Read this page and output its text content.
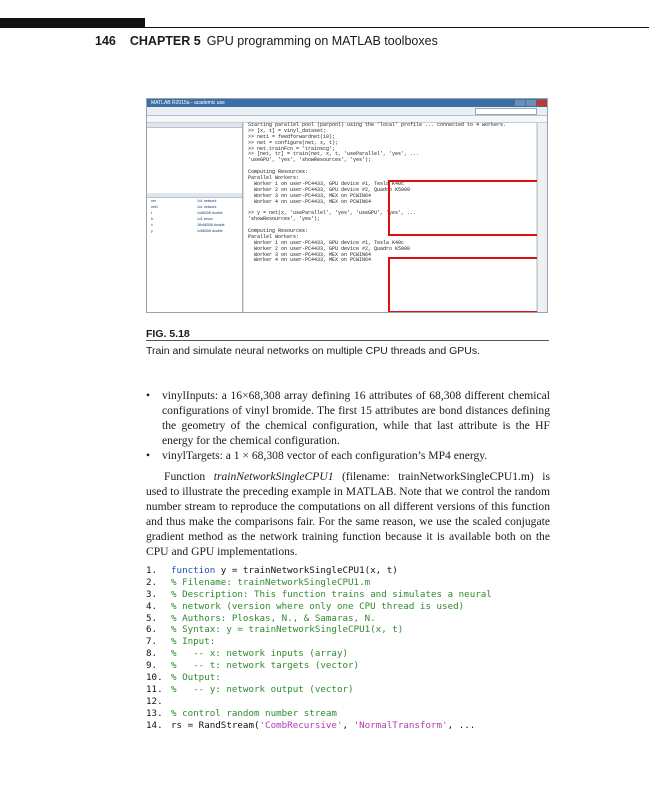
146 CHAPTER 5 GPU programming on MATLAB toolboxes
MATLAB R2015a - academic use

net	1x1 network
net1	1x1 network
t	1x68308 double
tr	1x1 struct
x	16x68308 double
y	1x68308 double
Starting parallel pool (parpool) using the 'local' profile ... connected to 4 workers.
>> [x, t] = vinyl_dataset;
>> net1 = feedforwardnet(10);
>> net = configure(net, x, t);
>> net.trainFcn = 'trainscg';
>> [net, tr] = train(net, x, t, 'useParallel', 'yes', ...
'useGPU', 'yes', 'showResources', 'yes');
Computing Resources:
Parallel Workers:
Worker 1 on user-PC4433, GPU device #1, Tesla K40c
Worker 2 on user-PC4433, GPU device #2, Quadro K5000
Worker 3 on user-PC4433, MEX on PCWIN64
Worker 4 on user-PC4433, MEX on PCWIN64
>> y = net(x, 'useParallel', 'yes', 'useGPU', 'yes', ...
'showResources', 'yes');
Computing Resources:
Parallel Workers:
Worker 1 on user-PC4433, GPU device #1, Tesla K40c
Worker 2 on user-PC4433, GPU device #2, Quadro K5000
Worker 3 on user-PC4433, MEX on PCWIN64
Worker 4 on user-PC4433, MEX on PCWIN64
FIG. 5.18
Train and simulate neural networks on multiple CPU threads and GPUs.
• vinylInputs: a 16×68,308 array defining 16 attributes of 68,308 different chemical configurations of vinyl bromide. The first 15 attributes are bond distances defining the geometry of the chemical configuration, while that last attribute is the HF energy for the chemical configuration.
• vinylTargets: a 1 × 68,308 vector of each configuration’s MP4 energy.
Function trainNetworkSingleCPU1 (filename: trainNetworkSingleCPU1.m) is used to illustrate the preceding example in MATLAB. Note that we control the random number stream to reproduce the computations on all different versions of this function and thus make the comparisons fair. For the same reason, we use the scaled conjugate gradient method as the network training function because it is available both on the CPU and GPU implementations.
1. function y = trainNetworkSingleCPU1(x, t)
2. % Filename: trainNetworkSingleCPU1.m
3. % Description: This function trains and simulates a neural
4. % network (version where only one CPU thread is used)
5. % Authors: Ploskas, N., & Samaras, N.
6. % Syntax: y = trainNetworkSingleCPU1(x, t)
7. % Input:
8. %   -- x: network inputs (array)
9. %   -- t: network targets (vector)
10. % Output:
11. %   -- y: network output (vector)
12.
13. % control random number stream
14. rs = RandStream('CombRecursive', 'NormalTransform', ...
